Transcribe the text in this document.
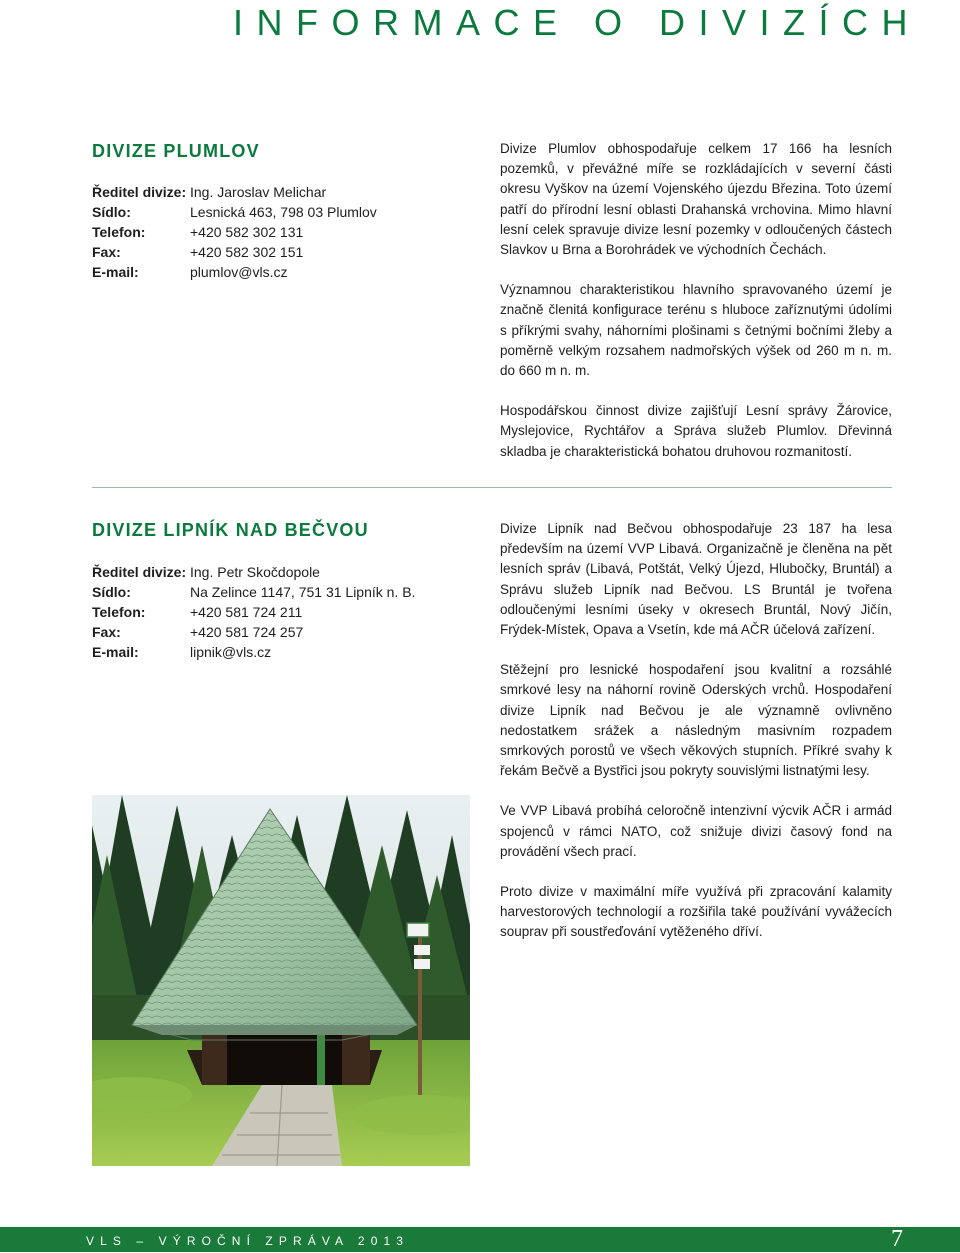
INFORMACE O DIVIZÍCH
DIVIZE PLUMLOV
Ředitel divize: Ing. Jaroslav Melichar
Sídlo:	Lesnická 463, 798 03 Plumlov
Telefon:	+420 582 302 131
Fax:	+420 582 302 151
E-mail:	plumlov@vls.cz

Divize Plumlov obhospodařuje celkem 17 166 ha lesních pozemků, v převážné míře se rozkládajících v severní části okresu Vyškov na území Vojenského újezdu Březina. Toto území patří do přírodní lesní oblasti Drahanská vrchovina. Mimo hlavní lesní celek spravuje divize lesní pozemky v odloučených částech Slavkov u Brna a Borohrádek ve východních Čechách.

Významnou charakteristikou hlavního spravovaného území je značně členitá konfigurace terénu s hluboce zaříznutými údolími s příkrými svahy, náhorními plošinami s četnými bočními žleby a poměrně velkým rozsahem nadmořských výšek od 260 m n. m. do 660 m n. m.

Hospodářskou činnost divize zajišťují Lesní správy Žárovice, Myslejovice, Rychtářov a Správa služeb Plumlov. Dřevinná skladba je charakteristická bohatou druhovou rozmanitostí.

DIVIZE LIPNÍK NAD BEČVOU
Ředitel divize: Ing. Petr Skočdopole
Sídlo:	Na Zelince 1147, 751 31 Lipník n. B.
Telefon:	+420 581 724 211
Fax:	+420 581 724 257
E-mail:	lipnik@vls.cz

Divize Lipník nad Bečvou obhospodařuje 23 187 ha lesa především na území VVP Libavá. Organizačně je členěna na pět lesních správ (Libavá, Potštát, Velký Újezd, Hlubočky, Bruntál) a Správu služeb Lipník nad Bečvou. LS Bruntál je tvořena odloučenými lesními úseky v okresech Bruntál, Nový Jičín, Frýdek-Místek, Opava a Vsetín, kde má AČR účelová zařízení.

Stěžejní pro lesnické hospodaření jsou kvalitní a rozsáhlé smrkové lesy na náhorní rovině Oderských vrchů. Hospodaření divize Lipník nad Bečvou je ale významně ovlivněno nedostatkem srážek a následným masivním rozpadem smrkových porostů ve všech věkových stupních. Příkré svahy k řekám Bečvě a Bystřici jsou pokryty souvislými listnatými lesy.

Ve VVP Libavá probíhá celoročně intenzivní výcvik AČR i armád spojenců v rámci NATO, což snižuje divizi časový fond na provádění všech prací.

Proto divize v maximální míře využívá při zpracování kalamity harvestorových technologií a rozšiřila také používání vyvážecích souprav při soustřeďování vytěženého dříví.

VLS – VÝROČNÍ ZPRÁVA 2013	7
